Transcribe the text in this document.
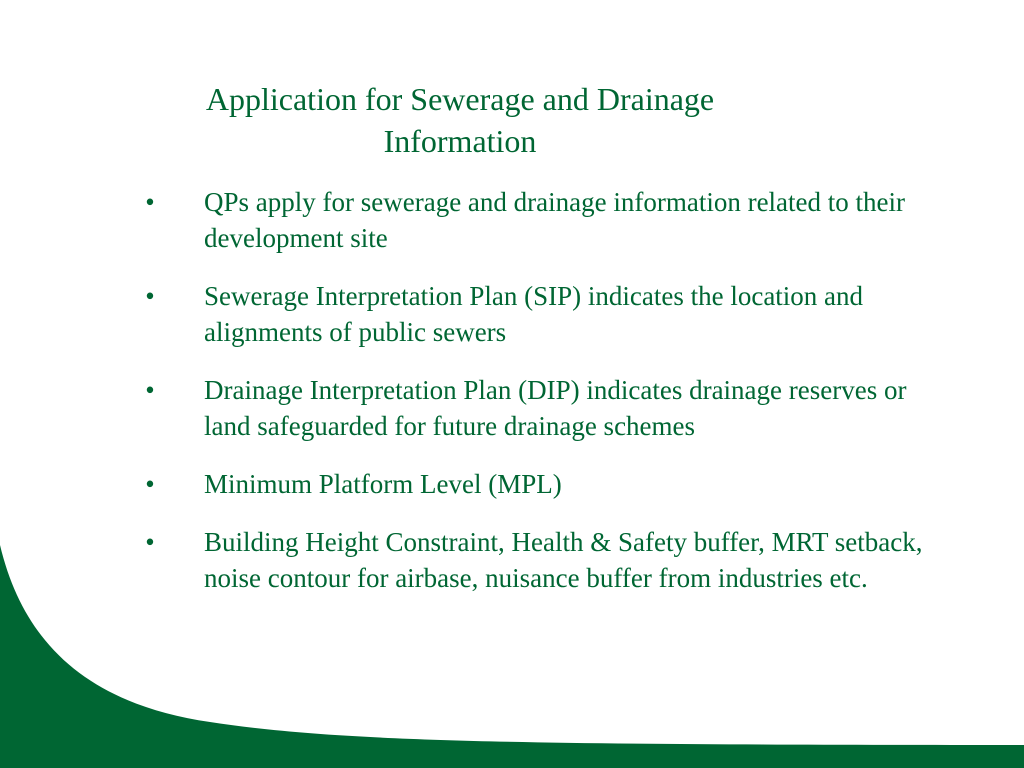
Application for Sewerage and Drainage
Information
• QPs apply for sewerage and drainage information related to their development site
• Sewerage Interpretation Plan (SIP) indicates the location and alignments of public sewers
• Drainage Interpretation Plan (DIP) indicates drainage reserves or land safeguarded for future drainage schemes
• Minimum Platform Level (MPL)
• Building Height Constraint, Health & Safety buffer, MRT setback, noise contour for airbase, nuisance buffer from industries etc.
